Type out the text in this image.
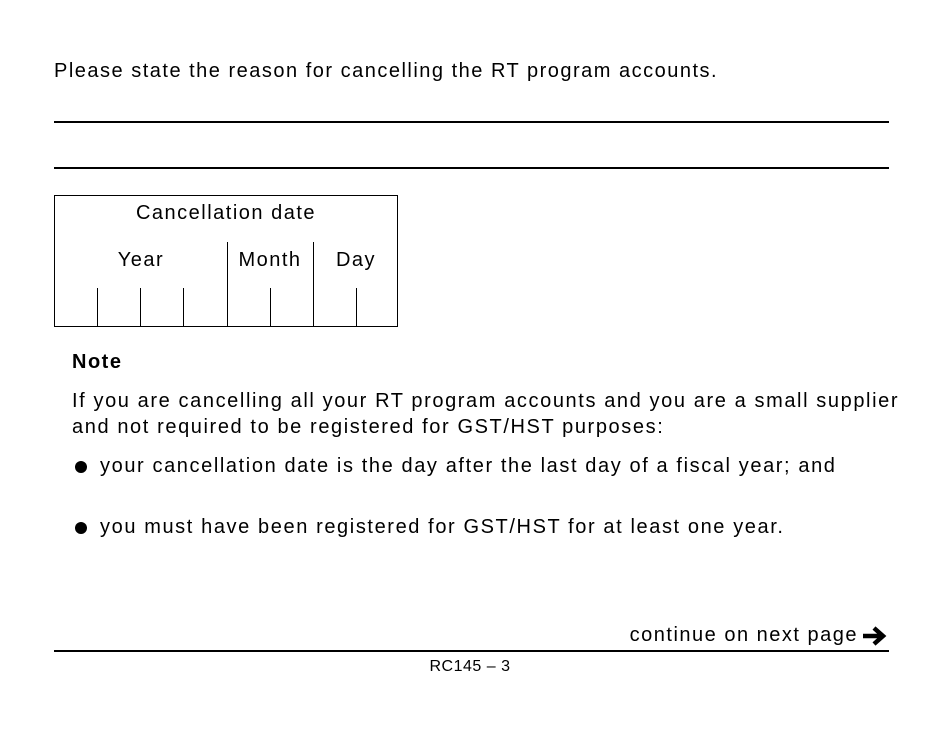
Please state the reason for cancelling the RT program accounts.
Cancellation date
Year	Month	Day
Note

If you are cancelling all your RT program accounts and you are a small supplier and not required to be registered for GST/HST purposes:

your cancellation date is the day after the last day of a fiscal year; and

you must have been registered for GST/HST for at least one year.

continue on next page
RC145 – 3
